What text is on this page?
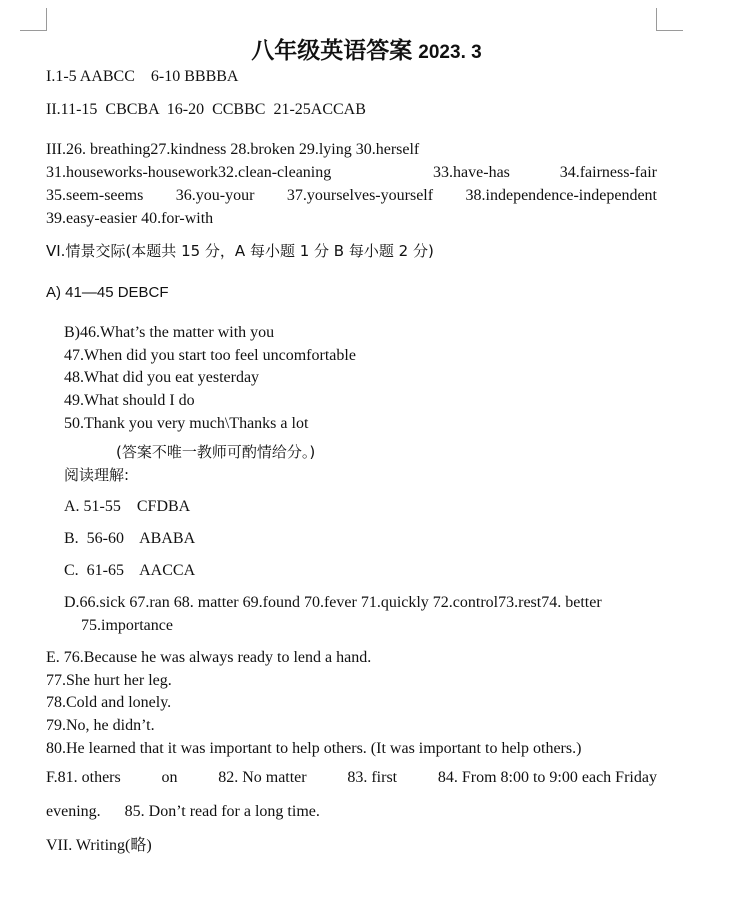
八年级英语答案 2023. 3
I.1-5 AABCC    6-10 BBBBA
II.11-15  CBCBA  16-20  CCBBC  21-25ACCAB
III.26. breathing27.kindness 28.broken 29.lying 30.herself
31.houseworks-housework32.clean-cleaning	33.have-has	34.fairness-fair
35.seem-seems 36.you-your 37.yourselves-yourself 38.independence-independent
39.easy-easier 40.for-with
VI.情景交际(本题共 15 分，A 每小题 1 分 B 每小题 2 分)
A) 41—45 DEBCF
B)46.What’s the matter with you
47.When did you start too feel uncomfortable
48.What did you eat yesterday
49.What should I do
50.Thank you very much\Thanks a lot
(答案不唯一教师可酌情给分。)
阅读理解:
A. 51-55    CFDBA
B.  56-60    ABABA
C.  61-65    AACCA
D.66.sick 67.ran 68. matter 69.found 70.fever 71.quickly 72.control73.rest74. better
75.importance
E. 76.Because he was always ready to lend a hand.
77.She hurt her leg.
78.Cold and lonely.
79.No, he didn’t.
80.He learned that it was important to help others. (It was important to help others.)
F.81. others	on	82. No matter	83. first	84. From 8:00 to 9:00 each Friday
evening.      85. Don’t read for a long time.
VII. Writing(略)
